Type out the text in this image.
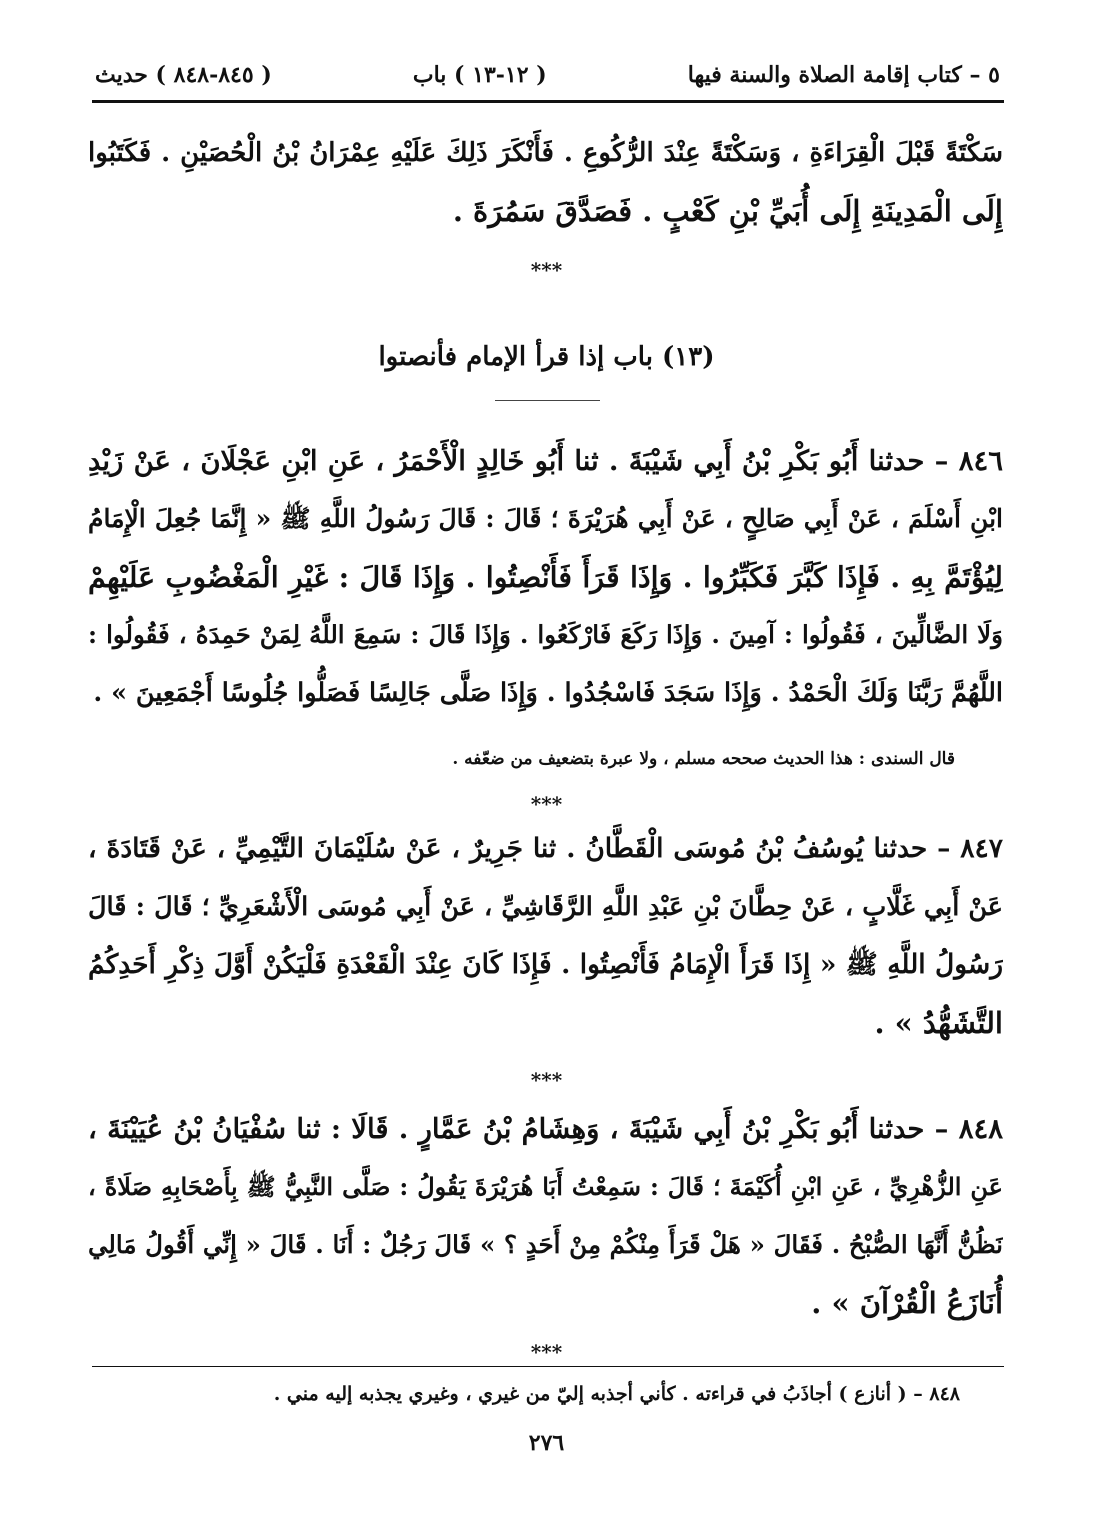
٥ – كتاب إقامة الصلاة والسنة فيها
( ١٢-١٣ ) باب
( ٨٤٥-٨٤٨ ) حديث
سَكْتَةً قَبْلَ الْقِرَاءَةِ ، وَسَكْتَةً عِنْدَ الرُّكُوعِ . فَأَنْكَرَ ذَلِكَ عَلَيْهِ عِمْرَانُ بْنُ الْحُصَيْنِ . فَكَتَبُوا
إِلَى الْمَدِينَةِ إِلَى أُبَيِّ بْنِ كَعْبٍ . فَصَدَّقَ سَمُرَةَ .
***
(١٣) باب إذا قرأ الإمام فأنصتوا
٨٤٦ – حدثنا أَبُو بَكْرِ بْنُ أَبِي شَيْبَةَ . ثنا أَبُو خَالِدٍ الْأَحْمَرُ ، عَنِ ابْنِ عَجْلَانَ ، عَنْ زَيْدِ
ابْنِ أَسْلَمَ ، عَنْ أَبِي صَالِحٍ ، عَنْ أَبِي هُرَيْرَةَ ؛ قَالَ : قَالَ رَسُولُ اللَّهِ ﷺ « إِنَّمَا جُعِلَ الْإِمَامُ
لِيُؤْتَمَّ بِهِ . فَإِذَا كَبَّرَ فَكَبِّرُوا . وَإِذَا قَرَأَ فَأَنْصِتُوا . وَإِذَا قَالَ : غَيْرِ الْمَغْضُوبِ عَلَيْهِمْ
وَلَا الضَّالِّينَ ، فَقُولُوا : آمِينَ . وَإِذَا رَكَعَ فَارْكَعُوا . وَإِذَا قَالَ : سَمِعَ اللَّهُ لِمَنْ حَمِدَهُ ، فَقُولُوا :
اللَّهُمَّ رَبَّنَا وَلَكَ الْحَمْدُ . وَإِذَا سَجَدَ فَاسْجُدُوا . وَإِذَا صَلَّى جَالِسًا فَصَلُّوا جُلُوسًا أَجْمَعِينَ » .
قال السندى : هذا الحديث صححه مسلم ، ولا عبرة بتضعيف من ضعّفه .
***
٨٤٧ – حدثنا يُوسُفُ بْنُ مُوسَى الْقَطَّانُ . ثنا جَرِيرٌ ، عَنْ سُلَيْمَانَ التَّيْمِيِّ ، عَنْ قَتَادَةَ ،
عَنْ أَبِي غَلَّابٍ ، عَنْ حِطَّانَ بْنِ عَبْدِ اللَّهِ الرَّقَاشِيِّ ، عَنْ أَبِي مُوسَى الْأَشْعَرِيِّ ؛ قَالَ : قَالَ
رَسُولُ اللَّهِ ﷺ « إِذَا قَرَأَ الْإِمَامُ فَأَنْصِتُوا . فَإِذَا كَانَ عِنْدَ الْقَعْدَةِ فَلْيَكُنْ أَوَّلَ ذِكْرِ أَحَدِكُمُ
التَّشَهُّدُ » .
***
٨٤٨ – حدثنا أَبُو بَكْرِ بْنُ أَبِي شَيْبَةَ ، وَهِشَامُ بْنُ عَمَّارٍ . قَالَا : ثنا سُفْيَانُ بْنُ عُيَيْنَةَ ،
عَنِ الزُّهْرِيِّ ، عَنِ ابْنِ أُكَيْمَةَ ؛ قَالَ : سَمِعْتُ أَبَا هُرَيْرَةَ يَقُولُ : صَلَّى النَّبِيُّ ﷺ بِأَصْحَابِهِ صَلَاةً ،
نَظُنُّ أَنَّهَا الصُّبْحُ . فَقَالَ « هَلْ قَرَأَ مِنْكُمْ مِنْ أَحَدٍ ؟ » قَالَ رَجُلٌ : أَنَا . قَالَ « إِنِّي أَقُولُ مَالِي
أُنَازَعُ الْقُرْآنَ » .
***
٨٤٨ – ( أنازع ) أجاذَبُ في قراءته . كأني أجذبه إليّ من غيري ، وغيري يجذبه إليه مني .
٢٧٦
